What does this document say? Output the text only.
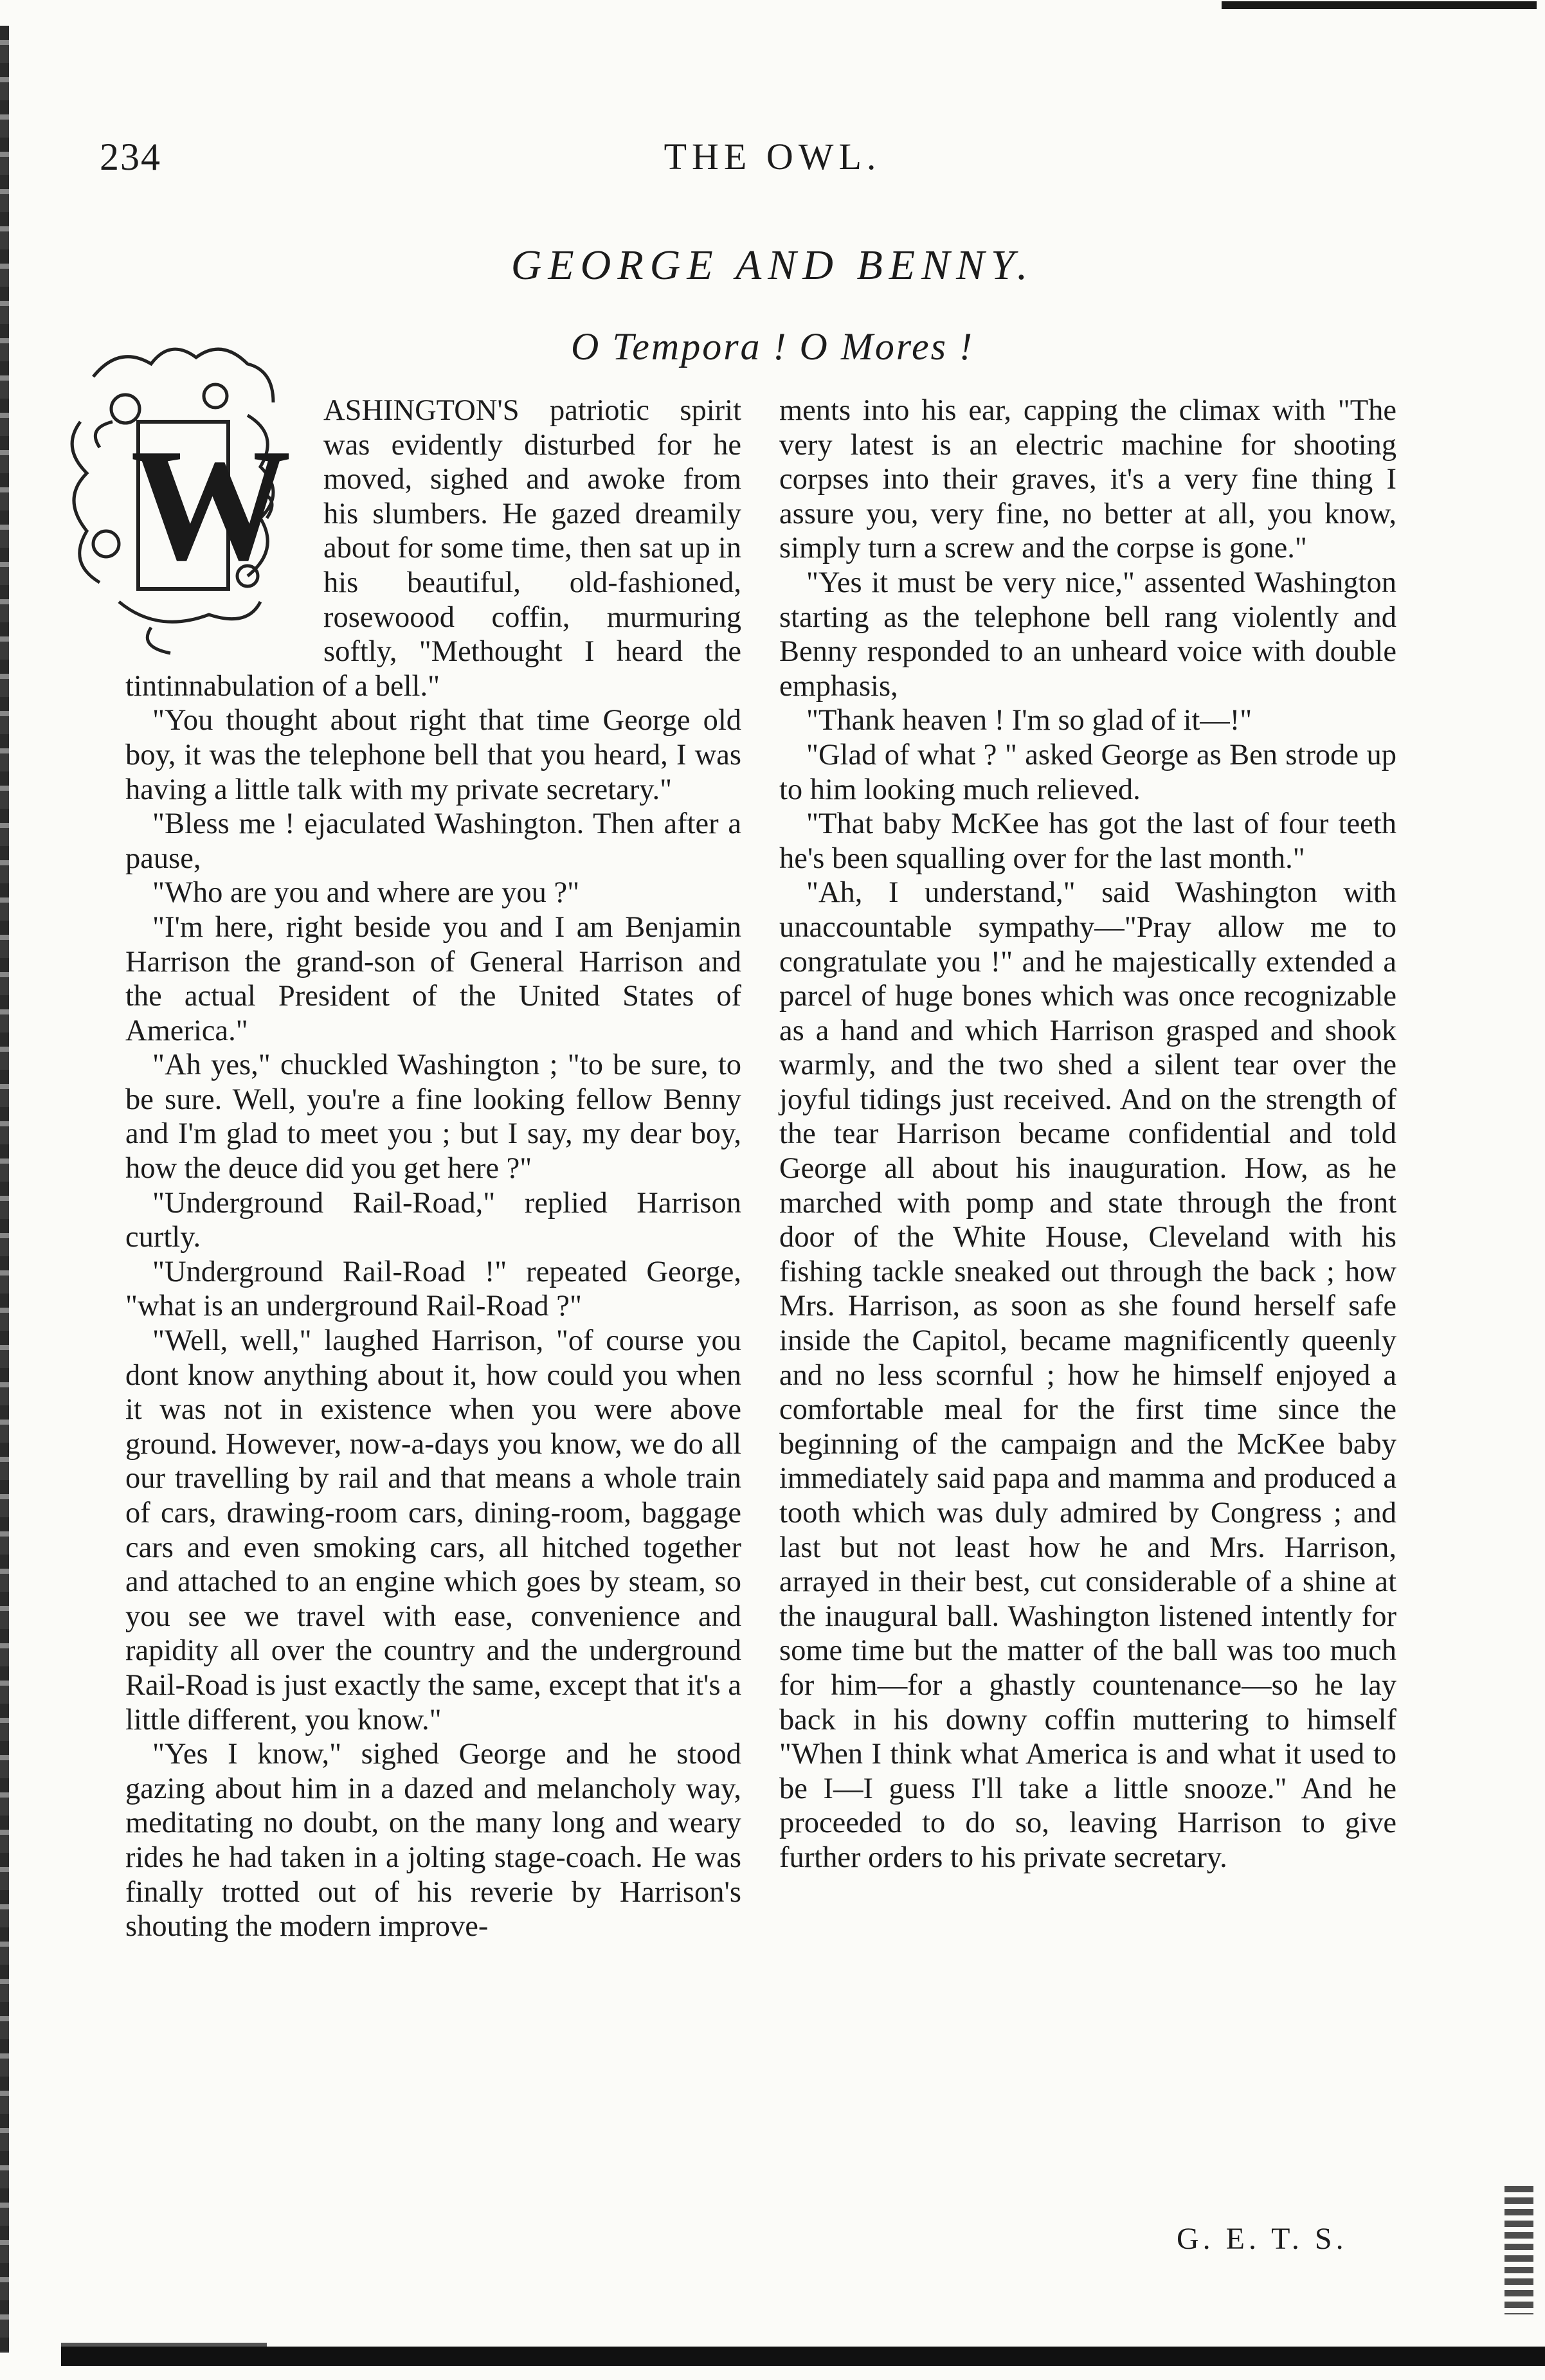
234	THE OWL.
GEORGE AND BENNY.
O Tempora ! O Mores !
W

ASHINGTON'S patriotic spirit was evidently disturbed for he moved, sighed and awoke from his slumbers. He gazed dreamily about for some time, then sat up in his beautiful, old-fashioned, rosewoood coffin, murmuring softly, "Methought I heard the tintinnabulation of a bell."

"You thought about right that time George old boy, it was the telephone bell that you heard, I was having a little talk with my private secretary."

"Bless me ! ejaculated Washington. Then after a pause,

"Who are you and where are you ?"

"I'm here, right beside you and I am Benjamin Harrison the grand-son of General Harrison and the actual President of the United States of America."

"Ah yes," chuckled Washington ; "to be sure, to be sure. Well, you're a fine looking fellow Benny and I'm glad to meet you ; but I say, my dear boy, how the deuce did you get here ?"

"Underground Rail-Road," replied Harrison curtly.

"Underground Rail-Road !" repeated George, "what is an underground Rail-Road ?"

"Well, well," laughed Harrison, "of course you dont know anything about it, how could you when it was not in existence when you were above ground. However, now-a-days you know, we do all our travelling by rail and that means a whole train of cars, drawing-room cars, dining-room, baggage cars and even smoking cars, all hitched together and attached to an engine which goes by steam, so you see we travel with ease, convenience and rapidity all over the country and the underground Rail-Road is just exactly the same, except that it's a little different, you know."

"Yes I know," sighed George and he stood gazing about him in a dazed and melancholy way, meditating no doubt, on the many long and weary rides he had taken in a jolting stage-coach. He was finally trotted out of his reverie by Harrison's shouting the modern improve-

ments into his ear, capping the climax with "The very latest is an electric machine for shooting corpses into their graves, it's a very fine thing I assure you, very fine, no better at all, you know, simply turn a screw and the corpse is gone."

"Yes it must be very nice," assented Washington starting as the telephone bell rang violently and Benny responded to an unheard voice with double emphasis,

"Thank heaven ! I'm so glad of it—!"

"Glad of what ? " asked George as Ben strode up to him looking much relieved.

"That baby McKee has got the last of four teeth he's been squalling over for the last month."

"Ah, I understand," said Washington with unaccountable sympathy—"Pray allow me to congratulate you !" and he majestically extended a parcel of huge bones which was once recognizable as a hand and which Harrison grasped and shook warmly, and the two shed a silent tear over the joyful tidings just received. And on the strength of the tear Harrison became confidential and told George all about his inauguration. How, as he marched with pomp and state through the front door of the White House, Cleveland with his fishing tackle sneaked out through the back ; how Mrs. Harrison, as soon as she found herself safe inside the Capitol, became magnificently queenly and no less scornful ; how he himself enjoyed a comfortable meal for the first time since the beginning of the campaign and the McKee baby immediately said papa and mamma and produced a tooth which was duly admired by Congress ; and last but not least how he and Mrs. Harrison, arrayed in their best, cut considerable of a shine at the inaugural ball. Washington listened intently for some time but the matter of the ball was too much for him—for a ghastly countenance—so he lay back in his downy coffin muttering to himself "When I think what America is and what it used to be I—I guess I'll take a little snooze." And he proceeded to do so, leaving Harrison to give further orders to his private secretary.

G. E. T. S.
